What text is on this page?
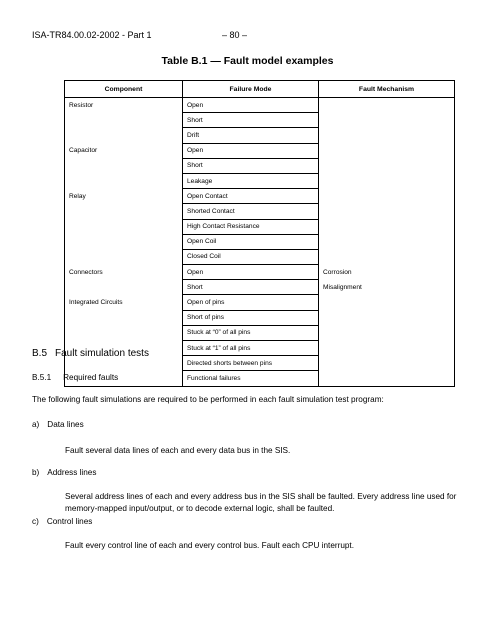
ISA-TR84.00.02-2002 - Part 1	– 80 –
Table B.1 — Fault model examples
Component	Failure Mode	Fault Mechanism
Resistor	Open	
	Short	
	Drift	
Capacitor	Open	
	Short	
	Leakage	
Relay	Open Contact	
	Shorted Contact	
	High Contact Resistance	
	Open Coil	
	Closed Coil	
Connectors	Open	Corrosion
	Short	Misalignment
Integrated Circuits	Open of pins	
	Short of pins	
	Stuck at “0” of all pins	
	Stuck at “1” of all pins	
	Directed shorts between pins	
	Functional failures	
B.5 Fault simulation tests
B.5.1 Required faults
The following fault simulations are required to be performed in each fault simulation test program:
a) Data lines
Fault several data lines of each and every data bus in the SIS.
b) Address lines
Several address lines of each and every address bus in the SIS shall be faulted. Every address line used for memory-mapped input/output, or to decode external logic, shall be faulted.
c) Control lines
Fault every control line of each and every control bus. Fault each CPU interrupt.
